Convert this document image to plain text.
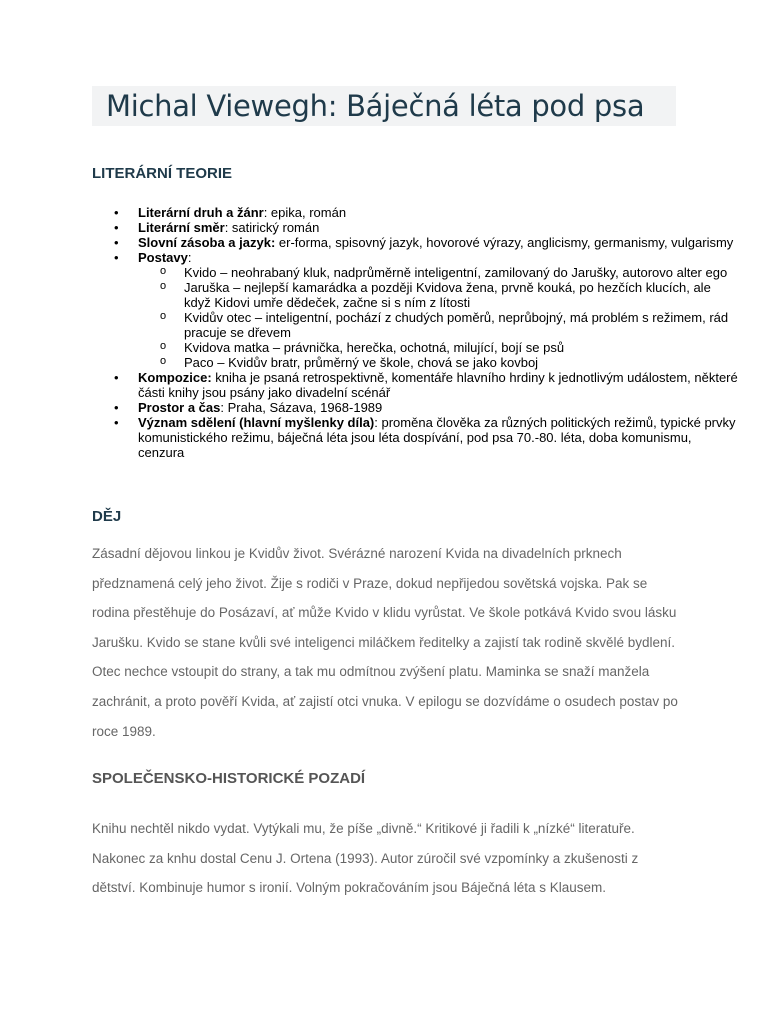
Michal Viewegh: Báječná léta pod psa
LITERÁRNÍ TEORIE
• Literární druh a žánr: epika, román
• Literární směr: satirický román
• Slovní zásoba a jazyk: er-forma, spisovný jazyk, hovorové výrazy, anglicismy, germanismy, vulgarismy
• Postavy:
o Kvido – neohrabaný kluk, nadprůměrně inteligentní, zamilovaný do Jarušky, autorovo alter ego
o Jaruška – nejlepší kamarádka a později Kvidova žena, prvně kouká, po hezčích klucích, ale když Kidovi umře dědeček, začne si s ním z lítosti
o Kvidův otec – inteligentní, pochází z chudých poměrů, neprůbojný, má problém s režimem, rád pracuje se dřevem
o Kvidova matka – právnička, herečka, ochotná, milující, bojí se psů
o Paco – Kvidův bratr, průměrný ve škole, chová se jako kovboj
• Kompozice: kniha je psaná retrospektivně, komentáře hlavního hrdiny k jednotlivým událostem, některé části knihy jsou psány jako divadelní scénář
• Prostor a čas: Praha, Sázava, 1968-1989
• Význam sdělení (hlavní myšlenky díla): proměna člověka za různých politických režimů, typické prvky komunistického režimu, báječná léta jsou léta dospívání, pod psa 70.-80. léta, doba komunismu, cenzura
DĚJ

Zásadní dějovou linkou je Kvidův život. Svérázné narození Kvida na divadelních prknech předznamená celý jeho život. Žije s rodiči v Praze, dokud nepřijedou sovětská vojska. Pak se rodina přestěhuje do Posázaví, ať může Kvido v klidu vyrůstat. Ve škole potkává Kvido svou lásku Jarušku. Kvido se stane kvůli své inteligenci miláčkem ředitelky a zajistí tak rodině skvělé bydlení. Otec nechce vstoupit do strany, a tak mu odmítnou zvýšení platu. Maminka se snaží manžela zachránit, a proto pověří Kvida, ať zajistí otci vnuka. V epilogu se dozvídáme o osudech postav po roce 1989.

SPOLEČENSKO-HISTORICKÉ POZADÍ

Knihu nechtěl nikdo vydat. Vytýkali mu, že píše „divně.“ Kritikové ji řadili k „nízké“ literatuře. Nakonec za knhu dostal Cenu J. Ortena (1993). Autor zúročil své vzpomínky a zkušenosti z dětství. Kombinuje humor s ironií. Volným pokračováním jsou Báječná léta s Klausem.
